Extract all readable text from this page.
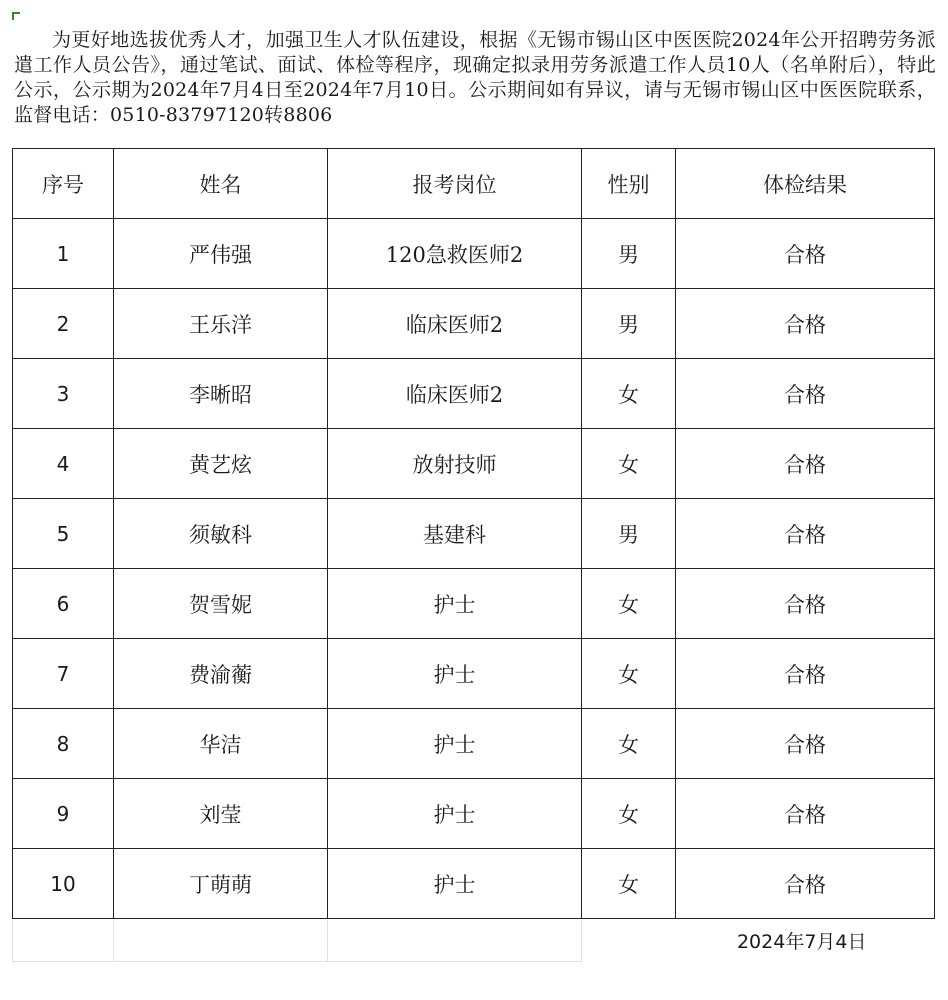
为更好地选拔优秀人才，加强卫生人才队伍建设，根据《无锡市锡山区中医医院2024年公开招聘劳务派遣工作人员公告》，通过笔试、面试、体检等程序，现确定拟录用劳务派遣工作人员10人（名单附后），特此公示，公示期为2024年7月4日至2024年7月10日。公示期间如有异议，请与无锡市锡山区中医医院联系，监督电话：0510-83797120转8806
序号	姓名	报考岗位	性别	体检结果
1	严伟强	120急救医师2	男	合格
2	王乐洋	临床医师2	男	合格
3	李晰昭	临床医师2	女	合格
4	黄艺炫	放射技师	女	合格
5	须敏科	基建科	男	合格
6	贺雪妮	护士	女	合格
7	费渝蘅	护士	女	合格
8	华洁	护士	女	合格
9	刘莹	护士	女	合格
10	丁萌萌	护士	女	合格
			2024年7月4日	
